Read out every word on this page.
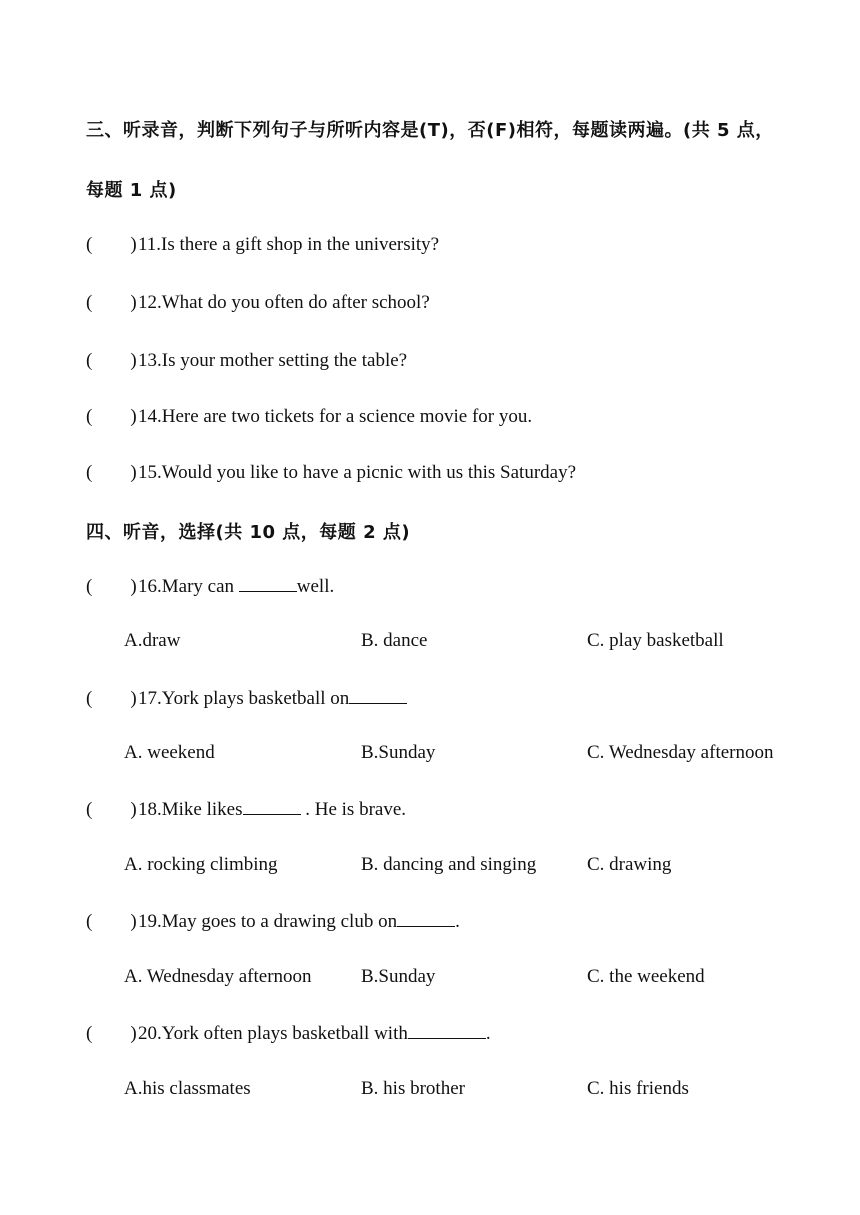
三、听录音，判断下列句子与所听内容是(T)，否(F)相符，每题读两遍。(共 5 点，
每题 1 点)
( )11.Is there a gift shop in the university?
( )12.What do you often do after school?
( )13.Is your mother setting the table?
( )14.Here are two tickets for a science movie for you.
( )15.Would you like to have a picnic with us this Saturday?
四、听音，选择(共 10 点，每题 2 点)
( )16.Mary can	well.
A.draw	B. dance	C. play basketball
( )17.York plays basketball on
A. weekend	B.Sunday	C. Wednesday afternoon
( )18.Mike likes	. He is brave.
A. rocking climbing	B. dancing and singing	C. drawing
( )19.May goes to a drawing club on	.
A. Wednesday afternoon	B.Sunday	C. the weekend
( )20.York often plays basketball with	.
A.his classmates	B. his brother	C. his friends
